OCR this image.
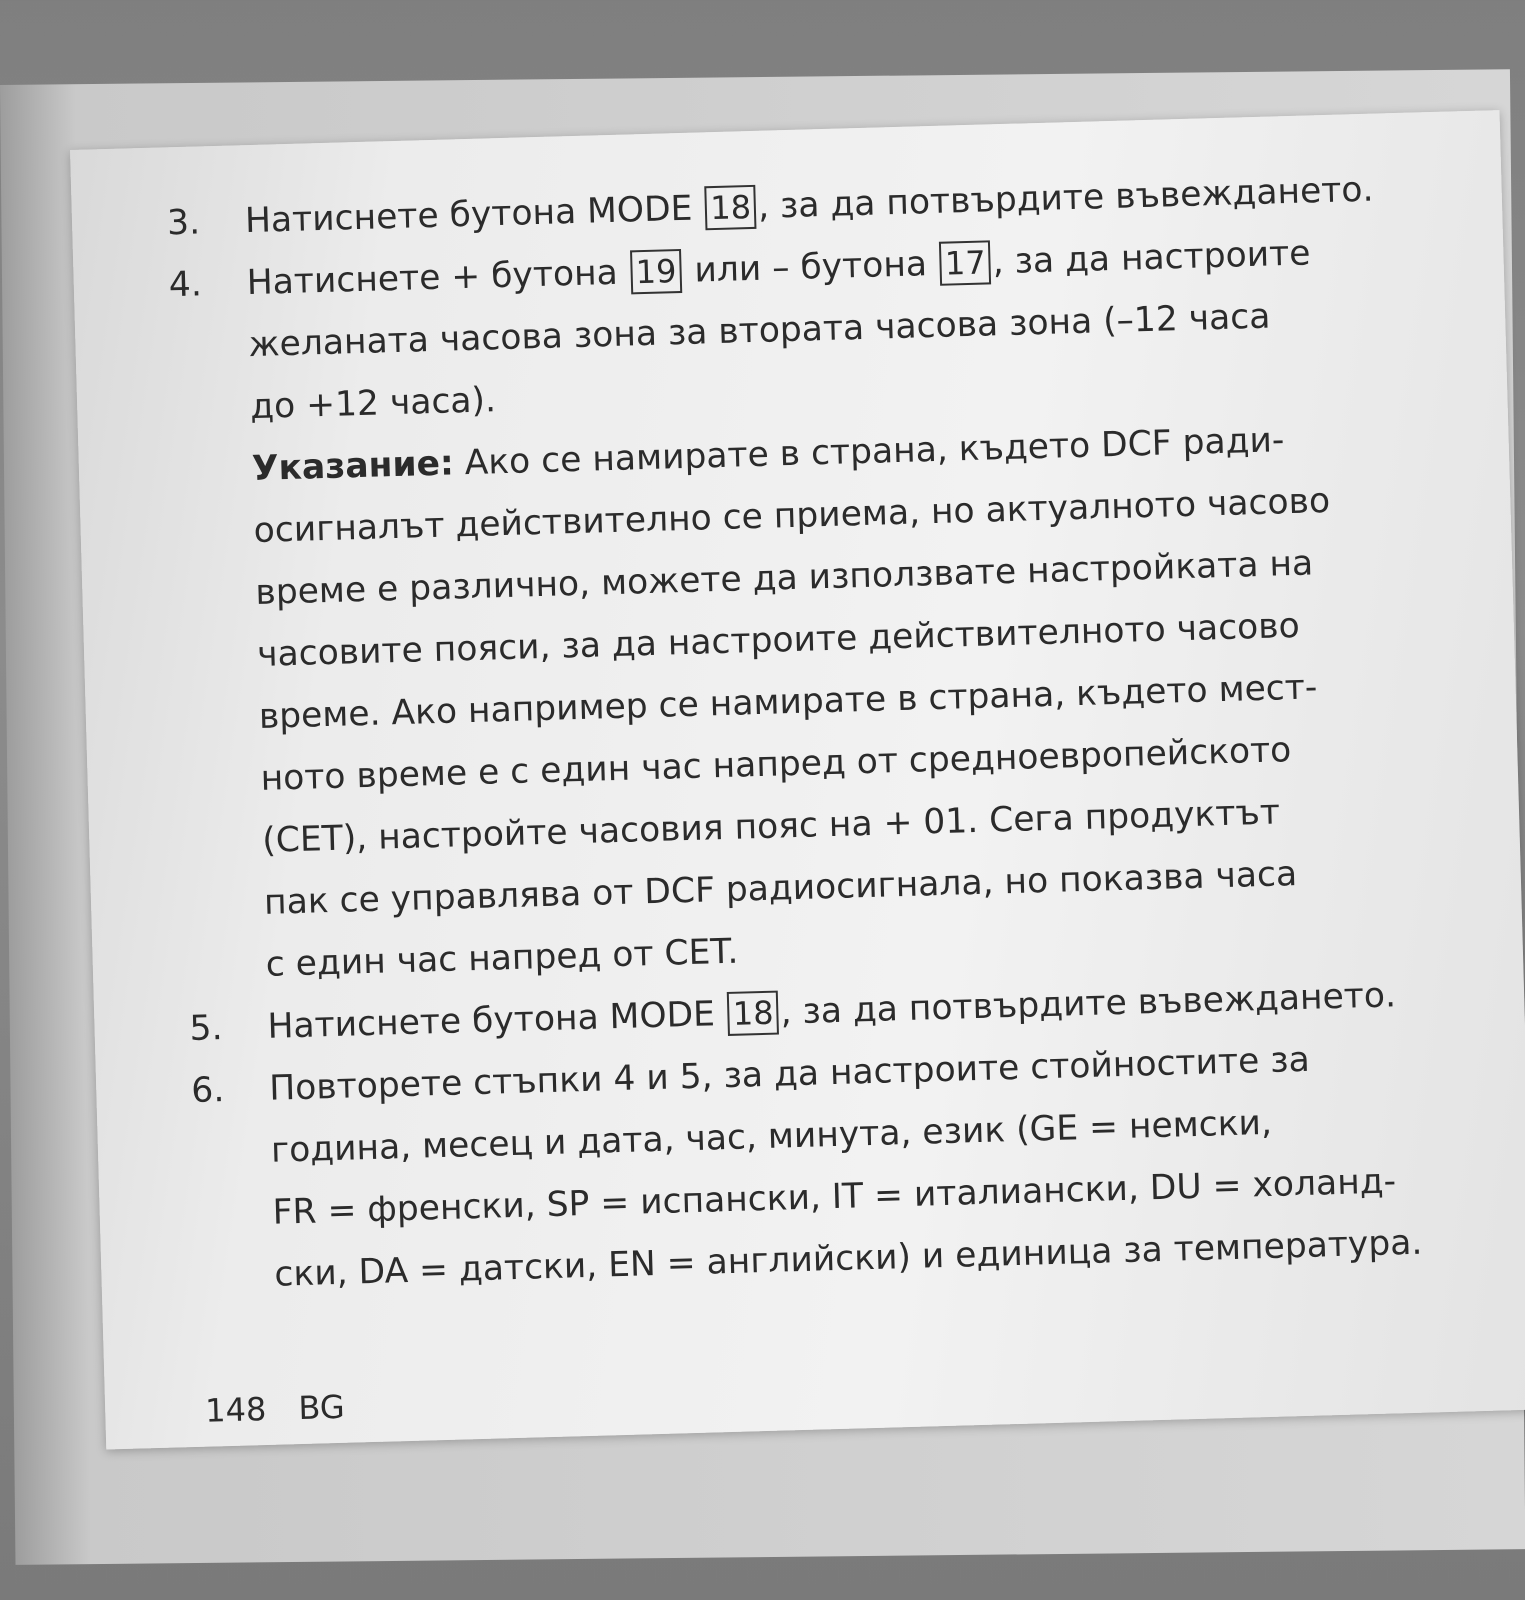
3. Натиснете бутона MODE 18 , за да потвърдите въвеждането.
4. Натиснете + бутона 19 или – бутона 17 , за да настроите
желаната часова зона за втората часова зона (–12 часа
до +12 часа).
Указание: Ако се намирате в страна, където DCF ради-
осигналът действително се приема, но актуалното часово
време е различно, можете да използвате настройката на
часовите пояси, за да настроите действителното часово
време. Ако например се намирате в страна, където мест-
ното време е с един час напред от средноевропейското
(CET), настройте часовия пояс на + 01. Сега продуктът
пак се управлява от DCF радиосигнала, но показва часа
с един час напред от CET.
5. Натиснете бутона MODE 18 , за да потвърдите въвеждането.
6. Повторете стъпки 4 и 5, за да настроите стойностите за
година, месец и дата, час, минута, език (GE = немски,
FR = френски, SP = испански, IT = италиански, DU = холанд-
ски, DA = датски, EN = английски) и единица за температура.
148 BG
